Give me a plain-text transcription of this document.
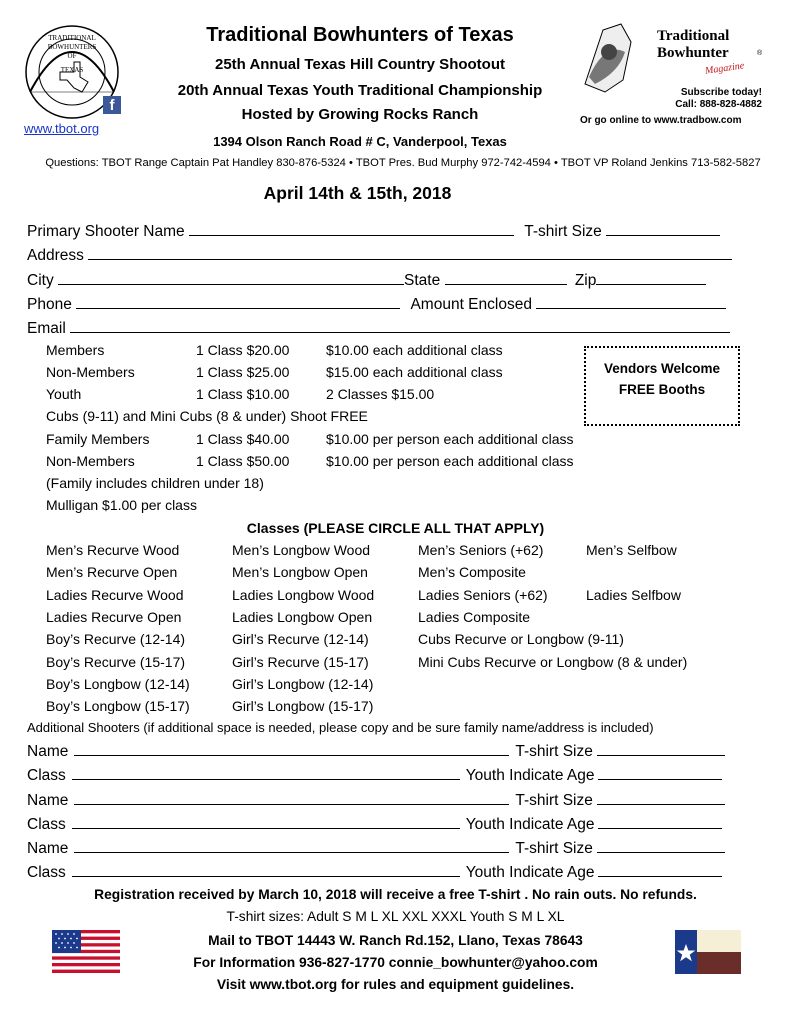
TRADITIONAL
BOWHUNTERS
OF
TEXAS
f
www.tbot.org
Traditional Bowhunters of Texas
25th Annual Texas Hill Country Shootout
20th Annual Texas Youth Traditional Championship
Hosted by Growing Rocks Ranch
1394 Olson Ranch Road # C, Vanderpool, Texas
Traditional
Bowhunter	®
Magazine
Subscribe today!
Call: 888-828-4882
Or go online to www.tradbow.com
Questions: TBOT Range Captain Pat Handley 830-876-5324 • TBOT Pres. Bud Murphy 972-742-4594 • TBOT VP Roland Jenkins 713-582-5827
April 14th & 15th, 2018
Primary Shooter Name	T-shirt Size
Address
City	State	Zip
Phone	Amount Enclosed
Email
Members	1 Class $20.00	$10.00 each additional class
Non-Members	1 Class $25.00	$15.00 each additional class
Youth	1 Class $10.00	2 Classes $15.00
Cubs (9-11) and Mini Cubs (8 & under) Shoot FREE
Family Members	1 Class $40.00	$10.00 per person each additional class
Non-Members	1 Class $50.00	$10.00 per person each additional class
(Family includes children under 18)
Mulligan $1.00 per class
Vendors Welcome
FREE Booths
Classes (PLEASE CIRCLE ALL THAT APPLY)
Men’s Recurve Wood	Men’s Longbow Wood	Men’s Seniors (+62)	Men’s Selfbow
Men’s Recurve Open	Men’s Longbow Open	Men’s Composite
Ladies Recurve Wood	Ladies Longbow Wood	Ladies Seniors (+62)	Ladies Selfbow
Ladies Recurve Open	Ladies Longbow Open	Ladies Composite
Boy’s Recurve (12-14)	Girl’s Recurve (12-14)	Cubs Recurve or Longbow (9-11)
Boy’s Recurve (15-17)	Girl’s Recurve (15-17)	Mini Cubs Recurve or Longbow (8 & under)
Boy’s Longbow (12-14)	Girl’s Longbow (12-14)
Boy’s Longbow (15-17)	Girl’s Longbow (15-17)
Additional Shooters (if additional space is needed, please copy and be sure family name/address is included)
Name	T-shirt Size
Class	Youth Indicate Age
Name	T-shirt Size
Class	Youth Indicate Age
Name	T-shirt Size
Class	Youth Indicate Age
Registration received by March 10, 2018 will receive a free T-shirt . No rain outs. No refunds.
T-shirt sizes: Adult S M L XL XXL XXXL Youth S M L XL
Mail to TBOT 14443 W. Ranch Rd.152, Llano, Texas 78643
For Information 936-827-1770 connie_bowhunter@yahoo.com
Visit www.tbot.org for rules and equipment guidelines.
